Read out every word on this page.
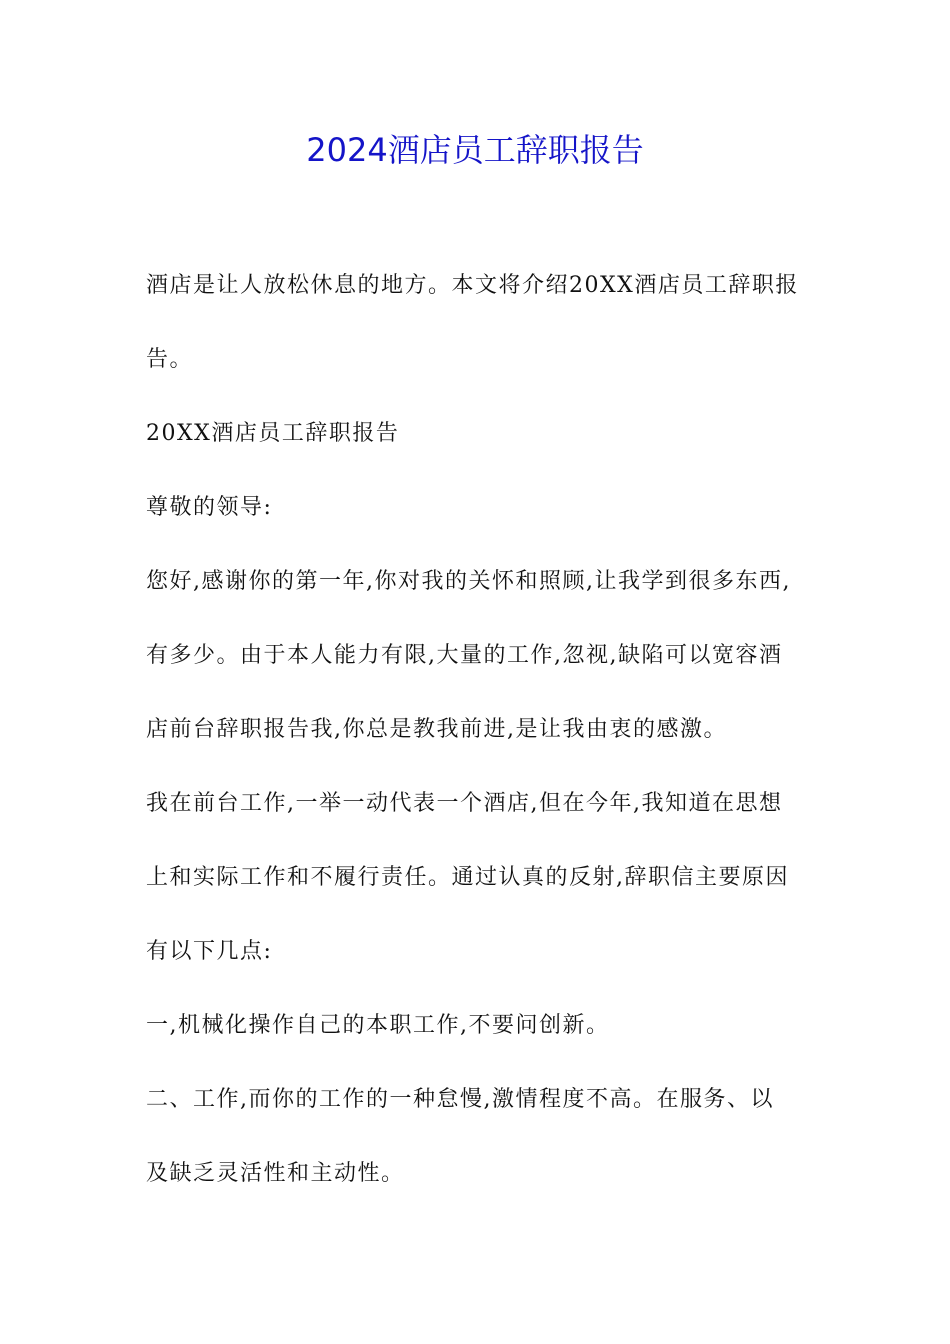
2024酒店员工辞职报告

酒店是让人放松休息的地方。本文将介绍20XX酒店员工辞职报

告。

20XX酒店员工辞职报告

尊敬的领导:

您好,感谢你的第一年,你对我的关怀和照顾,让我学到很多东西,

有多少。由于本人能力有限,大量的工作,忽视,缺陷可以宽容酒

店前台辞职报告我,你总是教我前进,是让我由衷的感激。

我在前台工作,一举一动代表一个酒店,但在今年,我知道在思想

上和实际工作和不履行责任。通过认真的反射,辞职信主要原因

有以下几点:

一,机械化操作自己的本职工作,不要问创新。

二、工作,而你的工作的一种怠慢,激情程度不高。在服务、以

及缺乏灵活性和主动性。
